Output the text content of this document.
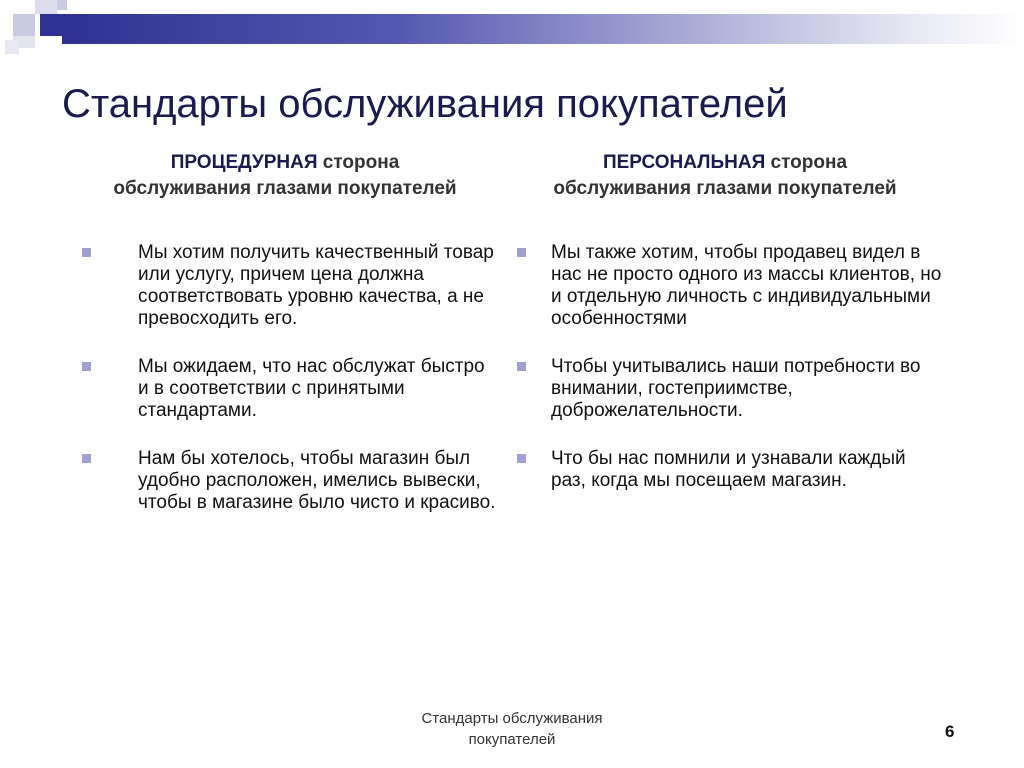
Стандарты обслуживания покупателей
ПРОЦЕДУРНАЯ сторона
обслуживания глазами покупателей
Мы хотим получить качественный товар или услугу, причем цена должна соответствовать уровню качества, а не превосходить его.
Мы ожидаем, что нас обслужат быстро и в соответствии с принятыми стандартами.
Нам бы хотелось, чтобы магазин был удобно расположен, имелись вывески, чтобы в магазине было чисто и красиво.
ПЕРСОНАЛЬНАЯ сторона
обслуживания глазами покупателей
Мы также хотим, чтобы продавец видел в нас не просто одного из массы клиентов, но и отдельную личность с индивидуальными особенностями
Чтобы учитывались наши потребности во внимании, гостеприимстве, доброжелательности.
Что бы нас помнили и узнавали каждый раз, когда мы посещаем магазин.
Стандарты обслуживания
покупателей	6
